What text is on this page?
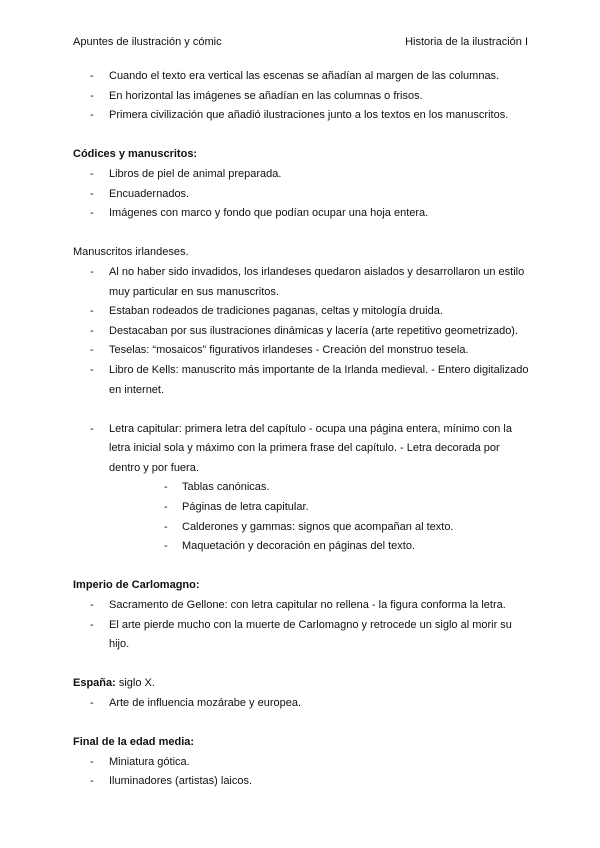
Apuntes de ilustración y cómic	Historia de la ilustración I
- Cuando el texto era vertical las escenas se añadían al margen de las columnas.
- En horizontal las imágenes se añadían en las columnas o frisos.
- Primera civilización que añadió ilustraciones junto a los textos en los manuscritos.
Códices y manuscritos:
- Libros de piel de animal preparada.
- Encuadernados.
- Imágenes con marco y fondo que podían ocupar una hoja entera.
Manuscritos irlandeses.
- Al no haber sido invadidos, los irlandeses quedaron aislados y desarrollaron un estilo muy particular en sus manuscritos.
- Estaban rodeados de tradiciones paganas, celtas y mitología druida.
- Destacaban por sus ilustraciones dinámicas y lacería (arte repetitivo geometrizado).
- Teselas: “mosaicos” figurativos irlandeses - Creación del monstruo tesela.
- Libro de Kells: manuscrito más importante de la Irlanda medieval. - Entero digitalizado en internet.
- Letra capitular: primera letra del capítulo - ocupa una página entera, mínimo con la letra inicial sola y máximo con la primera frase del capítulo. - Letra decorada por dentro y por fuera.
- Tablas canónicas.
- Páginas de letra capitular.
- Calderones y gammas: signos que acompañan al texto.
- Maquetación y decoración en páginas del texto.
Imperio de Carlomagno:
- Sacramento de Gellone: con letra capitular no rellena - la figura conforma la letra.
- El arte pierde mucho con la muerte de Carlomagno y retrocede un siglo al morir su hijo.
España: siglo X.
- Arte de influencia mozárabe y europea.
Final de la edad media:
- Miniatura gótica.
- Iluminadores (artistas) laicos.
